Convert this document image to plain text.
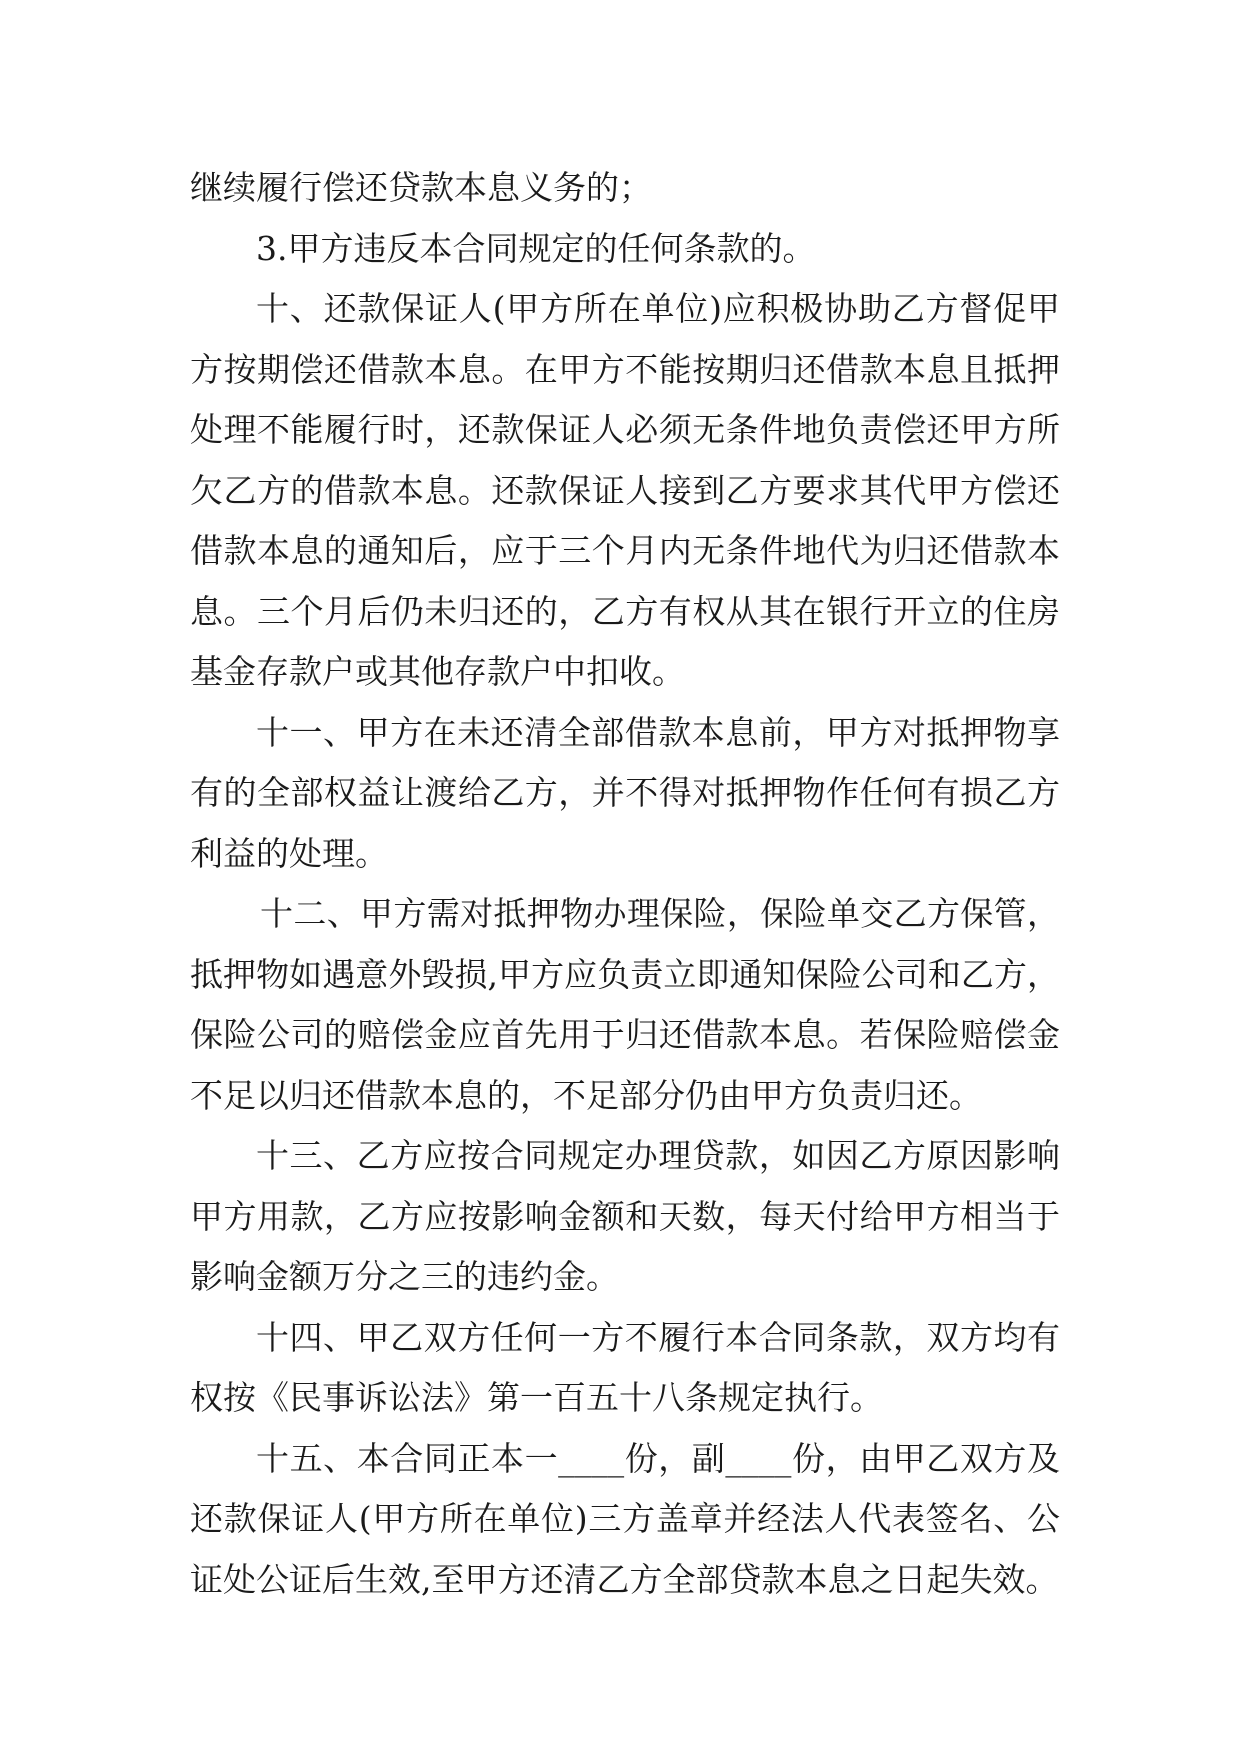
继续履行偿还贷款本息义务的；

3.甲方违反本合同规定的任何条款的。

十、还款保证人(甲方所在单位)应积极协助乙方督促甲方按期偿还借款本息。在甲方不能按期归还借款本息且抵押处理不能履行时，还款保证人必须无条件地负责偿还甲方所欠乙方的借款本息。还款保证人接到乙方要求其代甲方偿还借款本息的通知后，应于三个月内无条件地代为归还借款本息。三个月后仍未归还的，乙方有权从其在银行开立的住房基金存款户或其他存款户中扣收。

十一、甲方在未还清全部借款本息前，甲方对抵押物享有的全部权益让渡给乙方，并不得对抵押物作任何有损乙方利益的处理。

十二、甲方需对抵押物办理保险，保险单交乙方保管，抵押物如遇意外毁损,甲方应负责立即通知保险公司和乙方，保险公司的赔偿金应首先用于归还借款本息。若保险赔偿金不足以归还借款本息的，不足部分仍由甲方负责归还。

十三、乙方应按合同规定办理贷款，如因乙方原因影响甲方用款，乙方应按影响金额和天数，每天付给甲方相当于影响金额万分之三的违约金。

十四、甲乙双方任何一方不履行本合同条款，双方均有权按《民事诉讼法》第一百五十八条规定执行。

十五、本合同正本一____份，副____份，由甲乙双方及还款保证人(甲方所在单位)三方盖章并经法人代表签名、公证处公证后生效,至甲方还清乙方全部贷款本息之日起失效。
